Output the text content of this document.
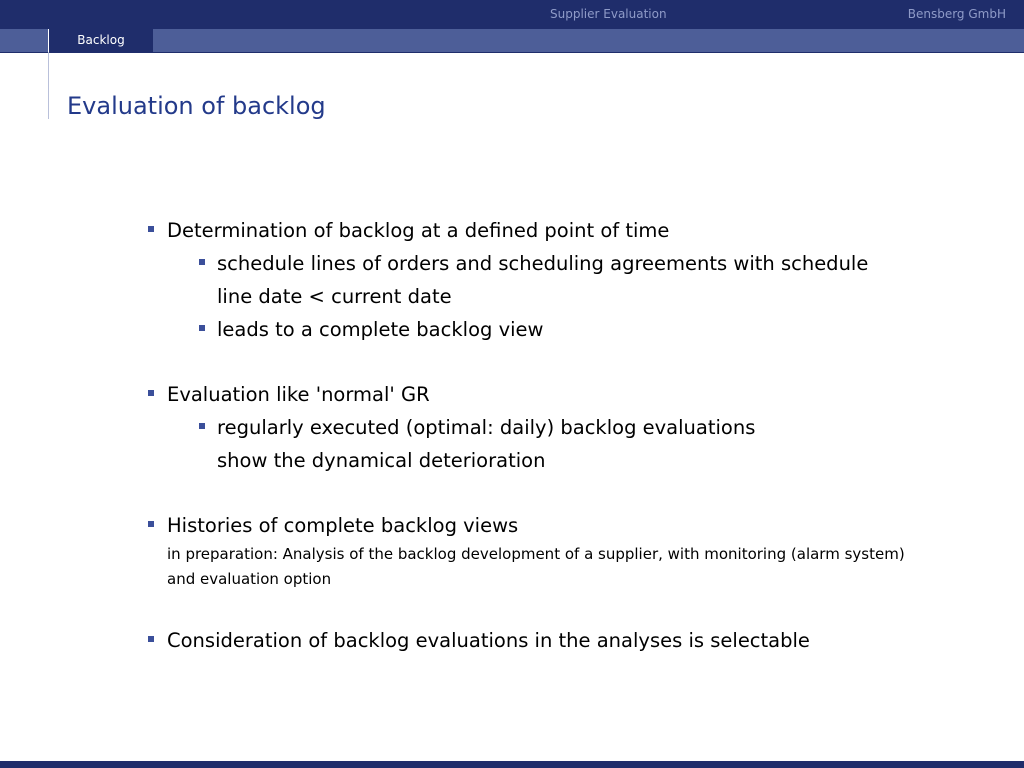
Supplier Evaluation	Bensberg GmbH
Backlog
Evaluation of backlog
Determination of backlog at a defined point of time
schedule lines of orders and scheduling agreements with schedule
line date < current date
leads to a complete backlog view
Evaluation like 'normal' GR
regularly executed (optimal: daily) backlog evaluations
show the dynamical deterioration
Histories of complete backlog views
in preparation: Analysis of the backlog development of a supplier, with monitoring (alarm system)
and evaluation option
Consideration of backlog evaluations in the analyses is selectable
